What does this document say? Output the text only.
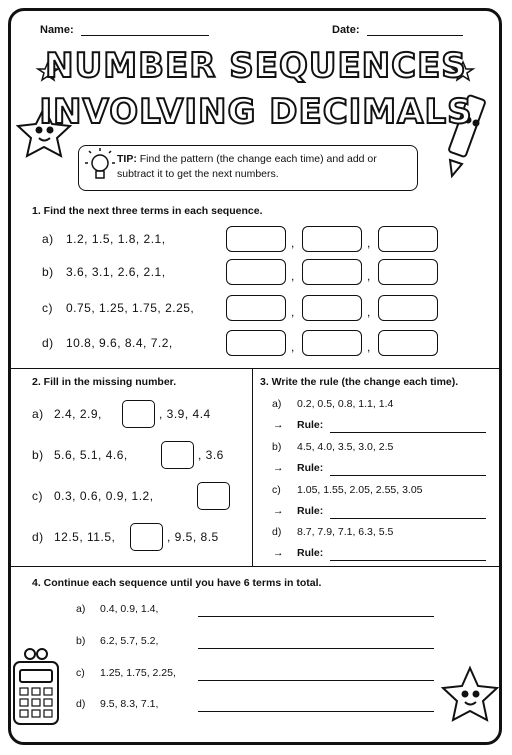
Name:	Date:
NUMBER SEQUENCES
INVOLVING DECIMALS
TIP: Find the pattern (the change each time) and add or subtract it to get the next numbers.
1. Find the next three terms in each sequence.
a) 1.2, 1.5, 1.8, 2.1,	,	,
b) 3.6, 3.1, 2.6, 2.1,	,	,
c) 0.75, 1.25, 1.75, 2.25,	,	,
d) 10.8, 9.6, 8.4, 7.2,	,	,
2. Fill in the missing number.
a) 2.4, 2.9,	, 3.9, 4.4
b) 5.6, 5.1, 4.6,	, 3.6
c) 0.3, 0.6, 0.9, 1.2,
d) 12.5, 11.5,	, 9.5, 8.5
3. Write the rule (the change each time).
a) 0.2, 0.5, 0.8, 1.1, 1.4
→ Rule:
b) 4.5, 4.0, 3.5, 3.0, 2.5
→ Rule:
c) 1.05, 1.55, 2.05, 2.55, 3.05
→ Rule:
d) 8.7, 7.9, 7.1, 6.3, 5.5
→ Rule:
4. Continue each sequence until you have 6 terms in total.
a) 0.4, 0.9, 1.4,
b) 6.2, 5.7, 5.2,
c) 1.25, 1.75, 2.25,
d) 9.5, 8.3, 7.1,
